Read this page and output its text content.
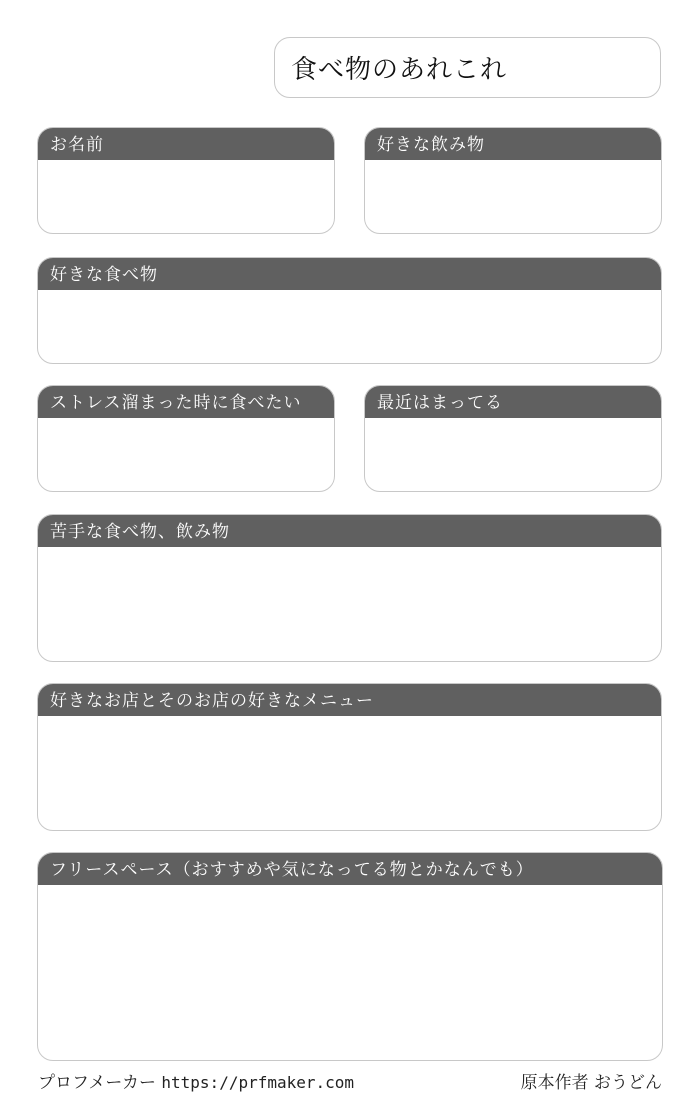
食べ物のあれこれ
お名前	好きな飲み物
好きな食べ物
ストレス溜まった時に食べたい	最近はまってる
苦手な食べ物、飲み物
好きなお店とそのお店の好きなメニュー
フリースペース（おすすめや気になってる物とかなんでも）
プロフメーカー https://prfmaker.com	原本作者 おうどん
